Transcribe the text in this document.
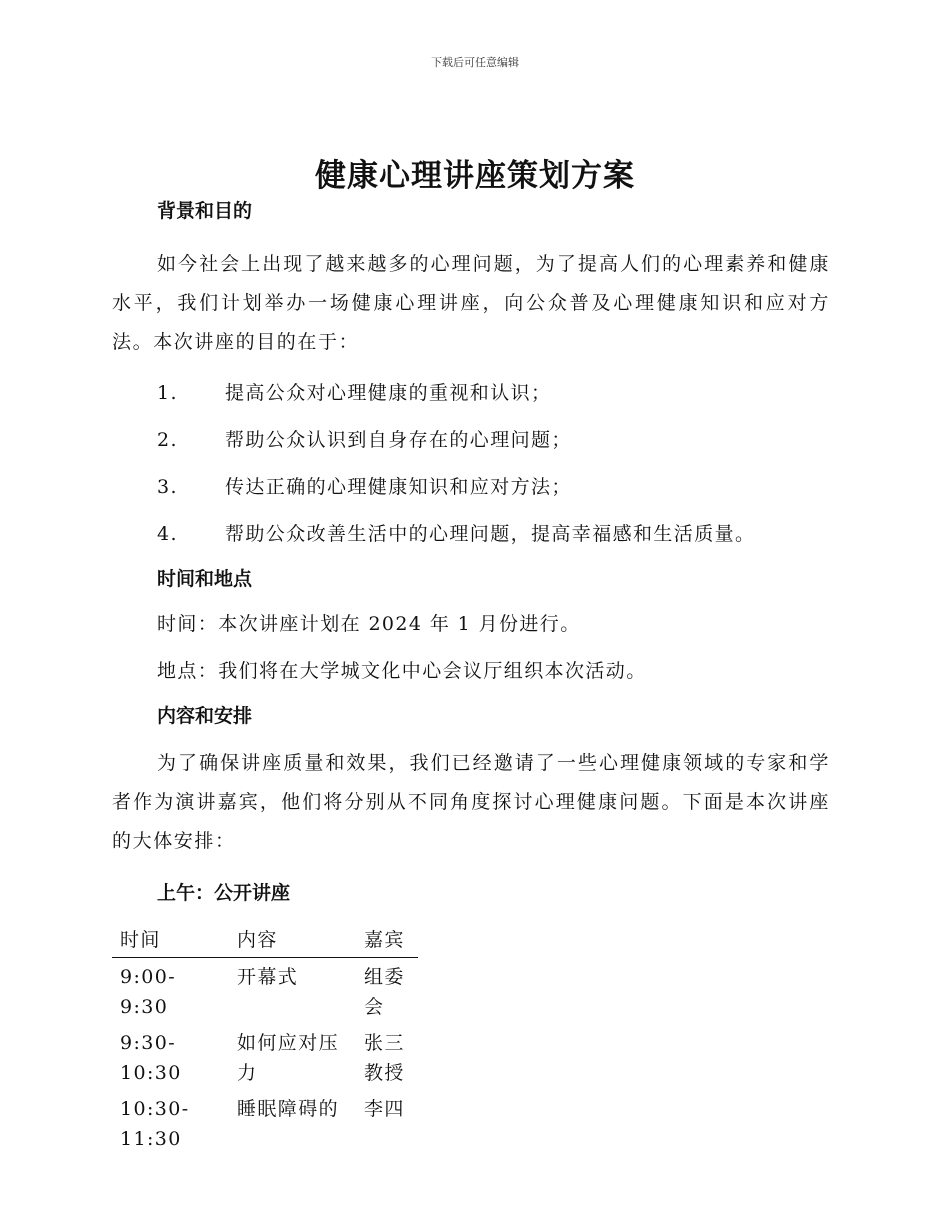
下载后可任意编辑
健康心理讲座策划方案

背景和目的

如今社会上出现了越来越多的心理问题，为了提高人们的心理素养和健康水平，我们计划举办一场健康心理讲座，向公众普及心理健康知识和应对方法。本次讲座的目的在于：

1.	提高公众对心理健康的重视和认识；
2.	帮助公众认识到自身存在的心理问题；
3.	传达正确的心理健康知识和应对方法；
4.	帮助公众改善生活中的心理问题，提高幸福感和生活质量。

时间和地点

时间：本次讲座计划在 2024 年 1 月份进行。

地点：我们将在大学城文化中心会议厅组织本次活动。

内容和安排

为了确保讲座质量和效果，我们已经邀请了一些心理健康领域的专家和学者作为演讲嘉宾，他们将分别从不同角度探讨心理健康问题。下面是本次讲座的大体安排：

上午：公开讲座

时间	内容	嘉宾
9:00-9:30	开幕式	组委会
9:30-10:30	如何应对压力	张三教授
10:30-11:30	睡眠障碍的	李四
